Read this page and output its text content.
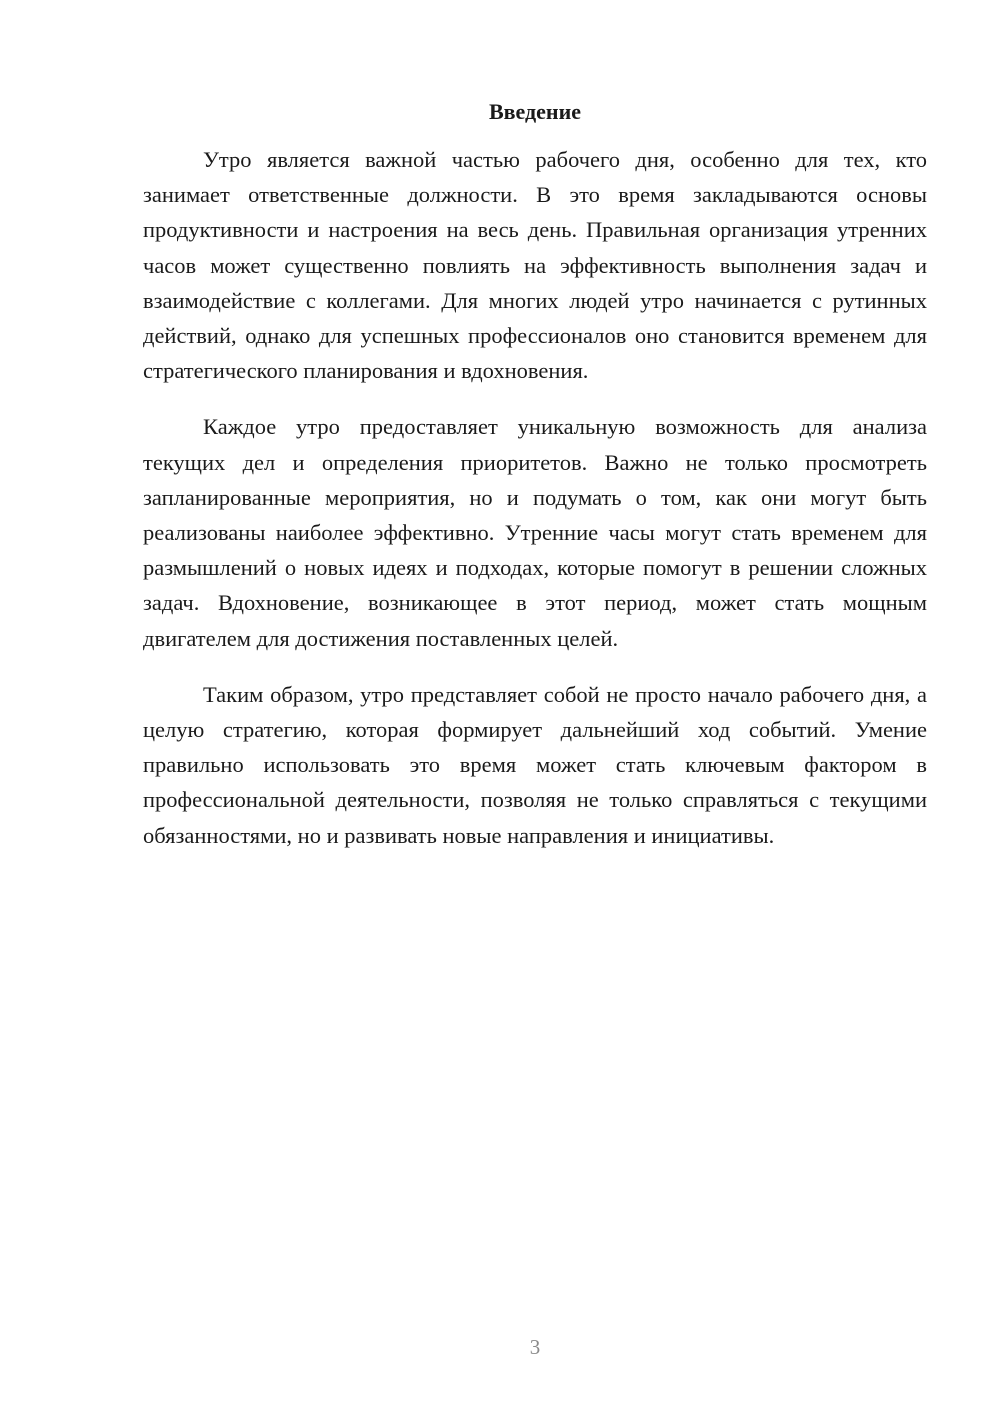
Введение

Утро является важной частью рабочего дня, особенно для тех, кто занимает ответственные должности. В это время закладываются основы продуктивности и настроения на весь день. Правильная организация утренних часов может существенно повлиять на эффективность выполнения задач и взаимодействие с коллегами. Для многих людей утро начинается с рутинных действий, однако для успешных профессионалов оно становится временем для стратегического планирования и вдохновения.

Каждое утро предоставляет уникальную возможность для анализа текущих дел и определения приоритетов. Важно не только просмотреть запланированные мероприятия, но и подумать о том, как они могут быть реализованы наиболее эффективно. Утренние часы могут стать временем для размышлений о новых идеях и подходах, которые помогут в решении сложных задач. Вдохновение, возникающее в этот период, может стать мощным двигателем для достижения поставленных целей.

Таким образом, утро представляет собой не просто начало рабочего дня, а целую стратегию, которая формирует дальнейший ход событий. Умение правильно использовать это время может стать ключевым фактором в профессиональной деятельности, позволяя не только справляться с текущими обязанностями, но и развивать новые направления и инициативы.

3
